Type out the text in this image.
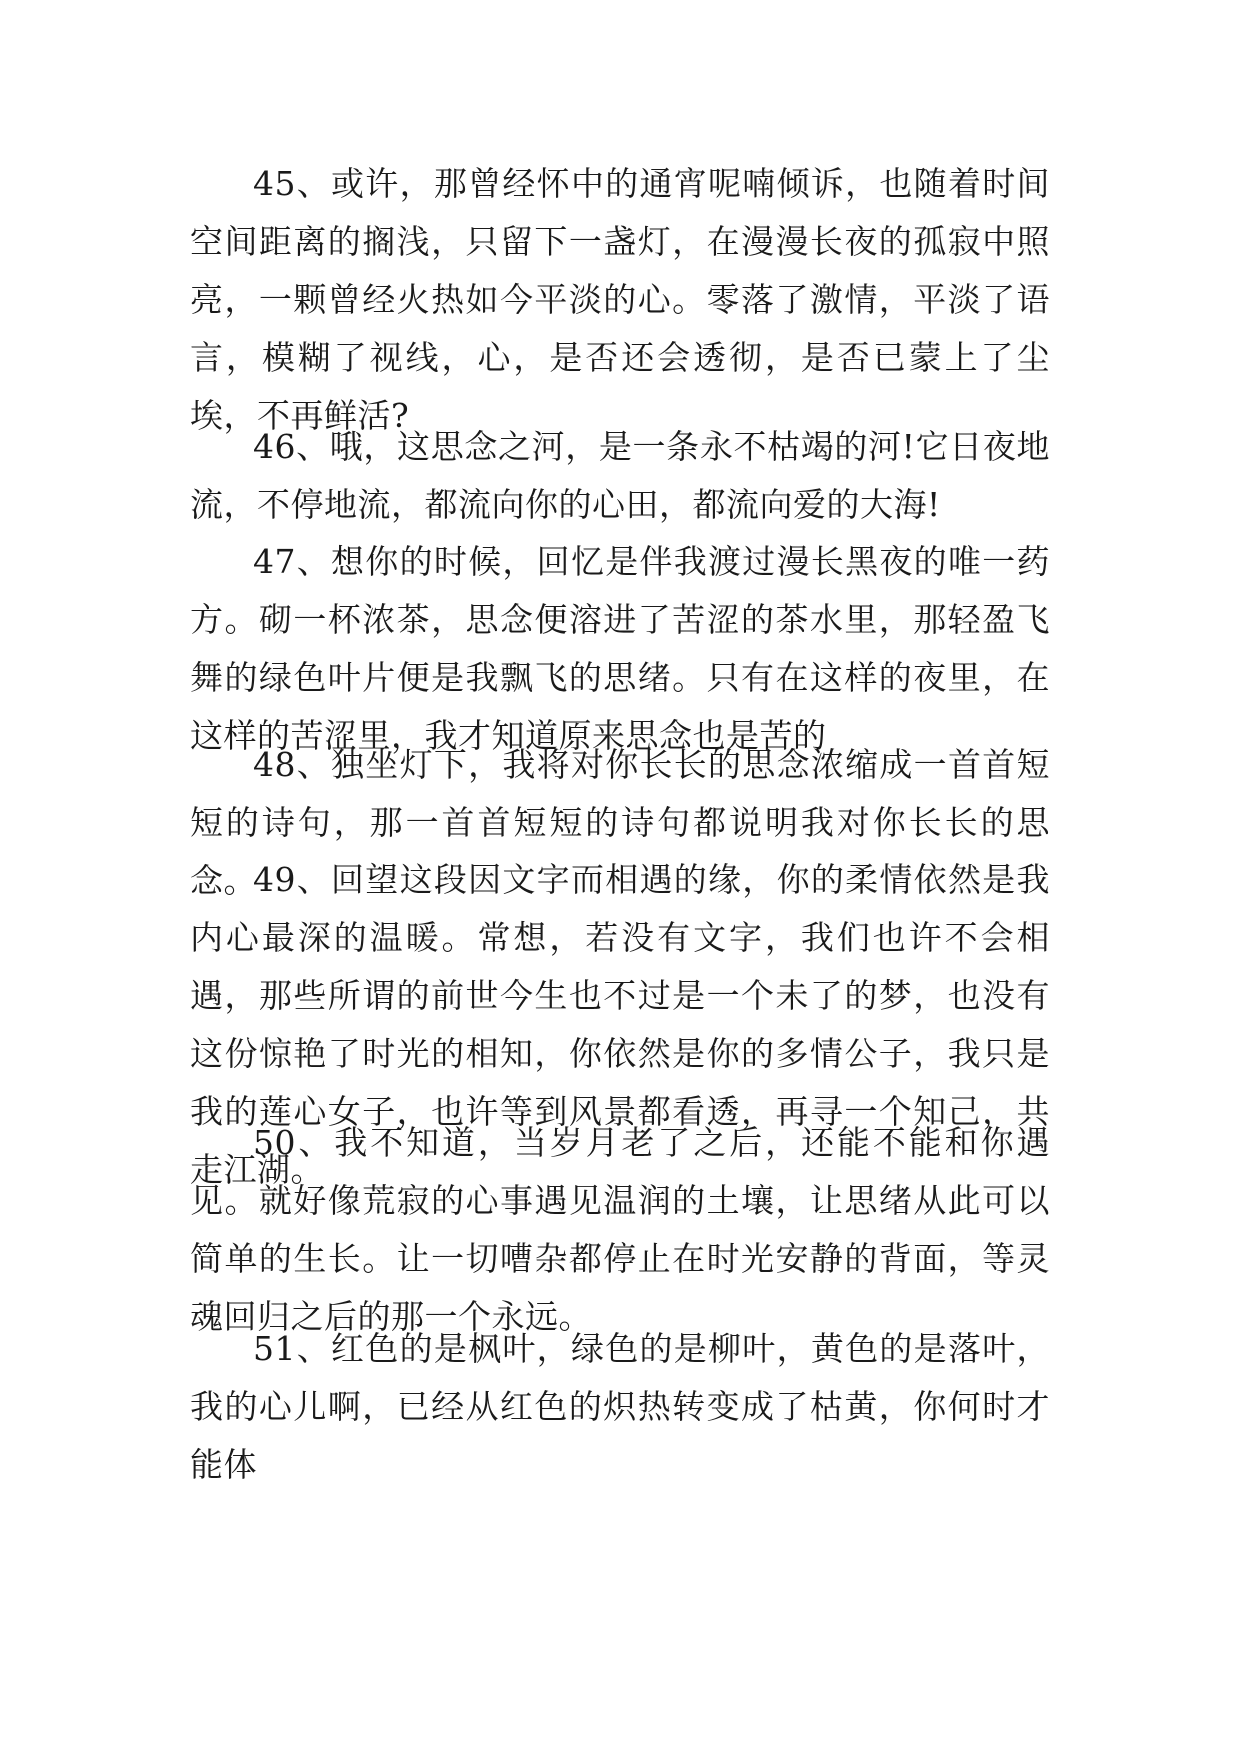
45、或许，那曾经怀中的通宵呢喃倾诉，也随着时间空间距离的搁浅，只留下一盏灯，在漫漫长夜的孤寂中照亮，一颗曾经火热如今平淡的心。零落了激情，平淡了语言，模糊了视线，心，是否还会透彻，是否已蒙上了尘埃，不再鲜活?

46、哦，这思念之河，是一条永不枯竭的河!它日夜地流，不停地流，都流向你的心田，都流向爱的大海!

47、想你的时候，回忆是伴我渡过漫长黑夜的唯一药方。砌一杯浓茶，思念便溶进了苦涩的茶水里，那轻盈飞舞的绿色叶片便是我飘飞的思绪。只有在这样的夜里，在这样的苦涩里，我才知道原来思念也是苦的

48、独坐灯下，我将对你长长的思念浓缩成一首首短短的诗句，那一首首短短的诗句都说明我对你长长的思念。

49、回望这段因文字而相遇的缘，你的柔情依然是我内心最深的温暖。常想，若没有文字，我们也许不会相遇，那些所谓的前世今生也不过是一个未了的梦，也没有这份惊艳了时光的相知，你依然是你的多情公子，我只是我的莲心女子，也许等到风景都看透，再寻一个知己，共走江湖。

50、我不知道，当岁月老了之后，还能不能和你遇见。就好像荒寂的心事遇见温润的土壤，让思绪从此可以简单的生长。让一切嘈杂都停止在时光安静的背面，等灵魂回归之后的那一个永远。

51、红色的是枫叶，绿色的是柳叶，黄色的是落叶，我的心儿啊，已经从红色的炽热转变成了枯黄，你何时才能体
